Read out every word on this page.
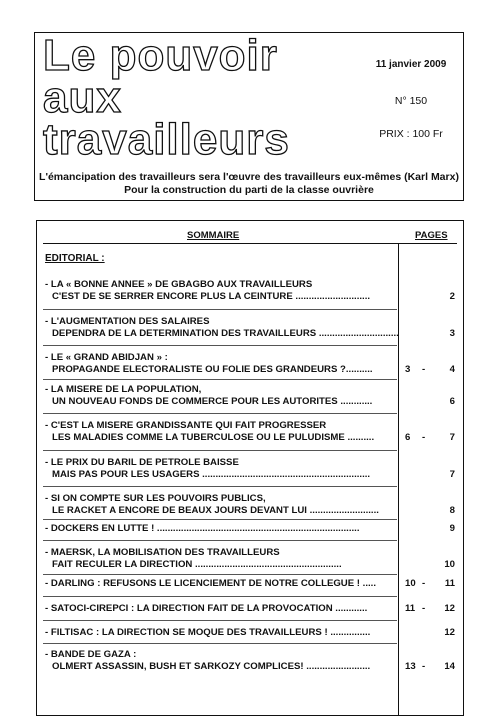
Le pouvoir
aux
travailleurs
11 janvier 2009
N° 150
PRIX : 100 Fr
L'émancipation des travailleurs sera l'œuvre des travailleurs eux-mêmes (Karl Marx)
Pour la construction du parti de la classe ouvrière
SOMMAIRE	PAGES
EDITORIAL :
- LA « BONNE ANNEE » DE GBAGBO AUX TRAVAILLEURS
C'EST DE SE SERRER ENCORE PLUS LA CEINTURE ............................	2
- L'AUGMENTATION DES SALAIRES
DEPENDRA DE LA DETERMINATION DES TRAVAILLEURS ..............................	3
- LE « GRAND ABIDJAN » :
PROPAGANDE ELECTORALISTE OU FOLIE DES GRANDEURS ?..........	3 -	4
- LA MISERE DE LA POPULATION,
UN NOUVEAU FONDS DE COMMERCE POUR LES AUTORITES ............	6
- C'EST LA MISERE GRANDISSANTE QUI FAIT PROGRESSER
LES MALADIES COMME LA TUBERCULOSE OU LE PULUDISME ..........	6 -	7
- LE PRIX DU BARIL DE PETROLE BAISSE
MAIS PAS POUR LES USAGERS ...............................................................	7
- SI ON COMPTE SUR LES POUVOIRS PUBLICS,
LE RACKET A ENCORE DE BEAUX JOURS DEVANT LUI ..........................	8
- DOCKERS EN LUTTE ! ............................................................................	9
- MAERSK, LA MOBILISATION DES TRAVAILLEURS
FAIT RECULER LA DIRECTION .......................................................	10
- DARLING : REFUSONS LE LICENCIEMENT DE NOTRE COLLEGUE ! .....	10 - 11
- SATOCI-CIREPCI : LA DIRECTION FAIT DE LA PROVOCATION ............	11 - 12
- FILTISAC : LA DIRECTION SE MOQUE DES TRAVAILLEURS ! ...............	12
- BANDE DE GAZA :
OLMERT ASSASSIN, BUSH ET SARKOZY COMPLICES! ........................	13 - 14
